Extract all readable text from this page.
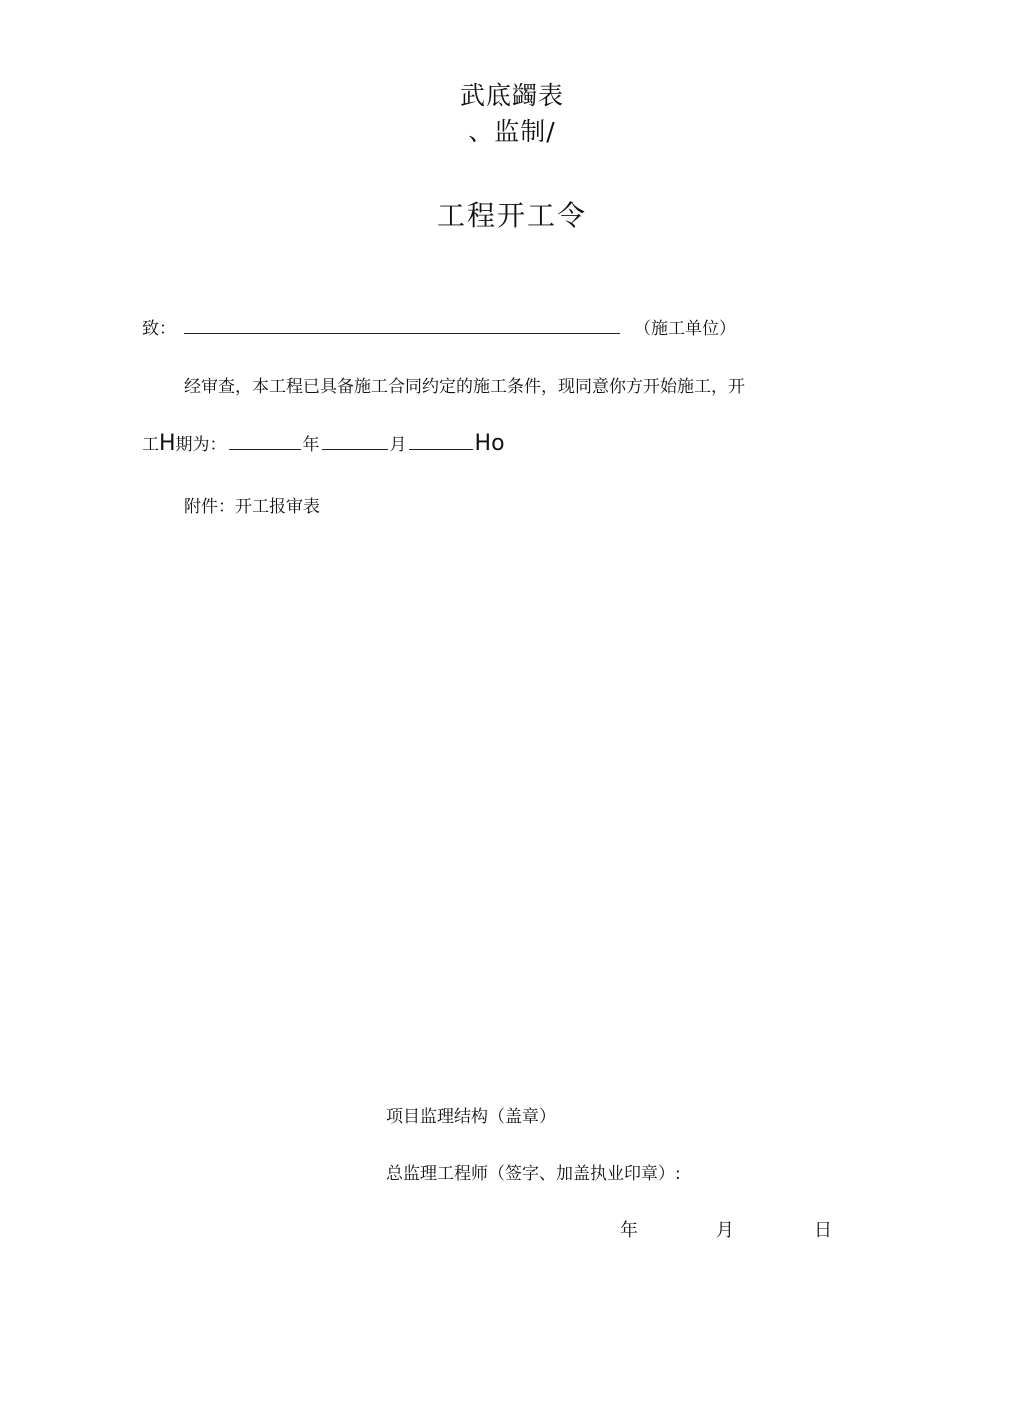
武底蠲表
、监制/
工程开工令
致：	（施工单位）
经审查，本工程已具备施工合同约定的施工条件，现同意你方开始施工，开
工H期为：	年	月	Ho
附件：开工报审表
项目监理结构（盖章）
总监理工程师（签字、加盖执业印章）:
年	月	日
